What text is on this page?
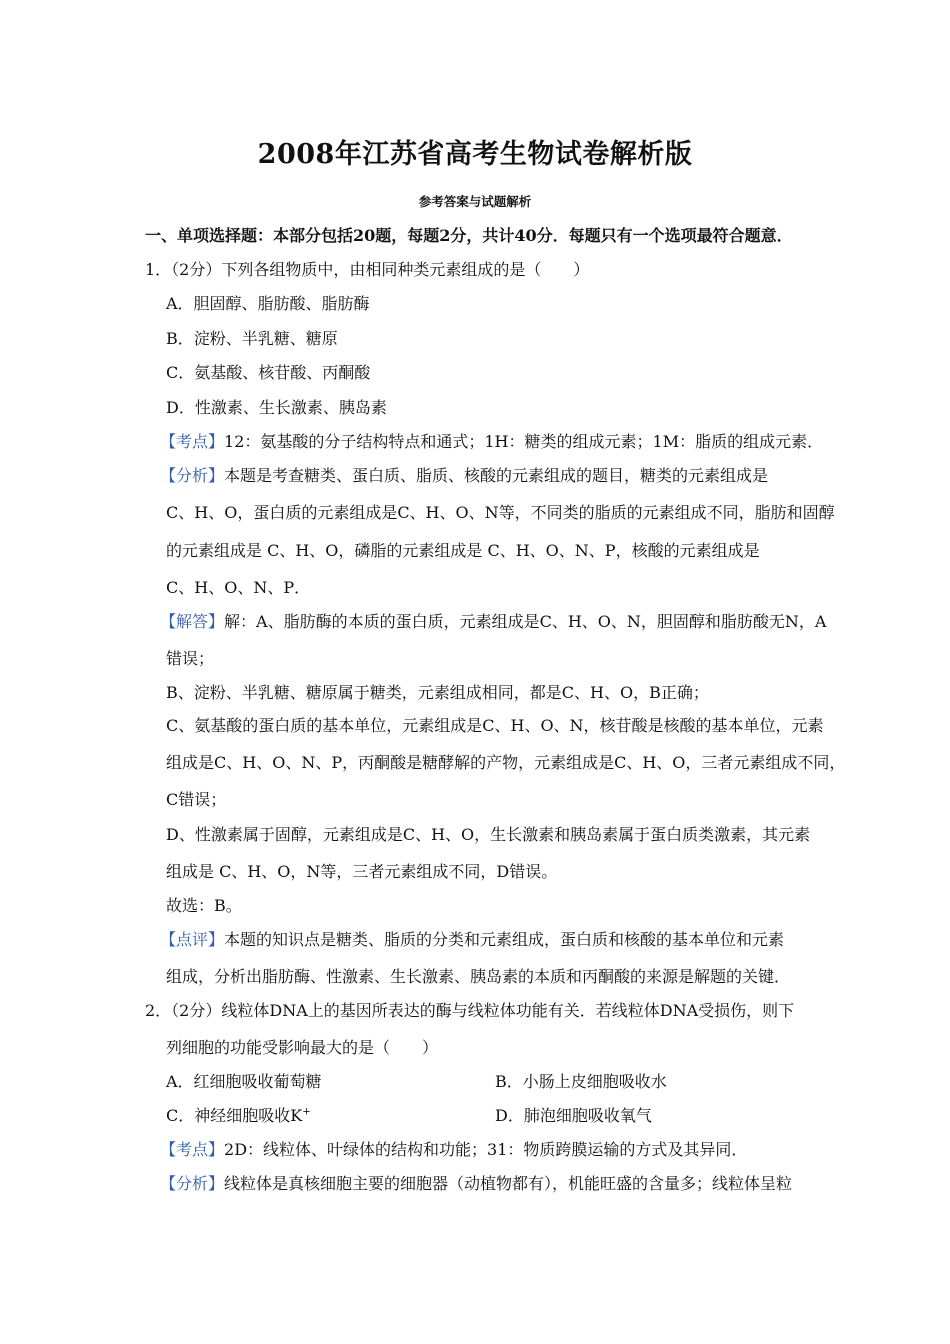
2008年江苏省高考生物试卷解析版
参考答案与试题解析
一、单项选择题：本部分包括20题，每题2分，共计40分．每题只有一个选项最符合题意．
1．（2分）下列各组物质中，由相同种类元素组成的是（　　）
A．胆固醇、脂肪酸、脂肪酶
B．淀粉、半乳糖、糖原
C．氨基酸、核苷酸、丙酮酸
D．性激素、生长激素、胰岛素
【考点】12：氨基酸的分子结构特点和通式；1H：糖类的组成元素；1M：脂质的组成元素．
【分析】本题是考查糖类、蛋白质、脂质、核酸的元素组成的题目，糖类的元素组成是
C、H、O，蛋白质的元素组成是C、H、O、N等，不同类的脂质的元素组成不同，脂肪和固醇
的元素组成是 C、H、O，磷脂的元素组成是 C、H、O、N、P，核酸的元素组成是
C、H、O、N、P．
【解答】解：A、脂肪酶的本质的蛋白质，元素组成是C、H、O、N，胆固醇和脂肪酸无N，A
错误；
B、淀粉、半乳糖、糖原属于糖类，元素组成相同，都是C、H、O，B正确；
C、氨基酸的蛋白质的基本单位，元素组成是C、H、O、N，核苷酸是核酸的基本单位，元素
组成是C、H、O、N、P，丙酮酸是糖酵解的产物，元素组成是C、H、O，三者元素组成不同，
C错误；
D、性激素属于固醇，元素组成是C、H、O，生长激素和胰岛素属于蛋白质类激素，其元素
组成是 C、H、O，N等，三者元素组成不同，D错误。
故选：B。
【点评】本题的知识点是糖类、脂质的分类和元素组成，蛋白质和核酸的基本单位和元素
组成，分析出脂肪酶、性激素、生长激素、胰岛素的本质和丙酮酸的来源是解题的关键．
2．（2分）线粒体DNA上的基因所表达的酶与线粒体功能有关．若线粒体DNA受损伤，则下
列细胞的功能受影响最大的是（　　）
A．红细胞吸收葡萄糖	B．小肠上皮细胞吸收水
C．神经细胞吸收K+	D．肺泡细胞吸收氧气
【考点】2D：线粒体、叶绿体的结构和功能；31：物质跨膜运输的方式及其异同．
【分析】线粒体是真核细胞主要的细胞器（动植物都有），机能旺盛的含量多；线粒体呈粒
